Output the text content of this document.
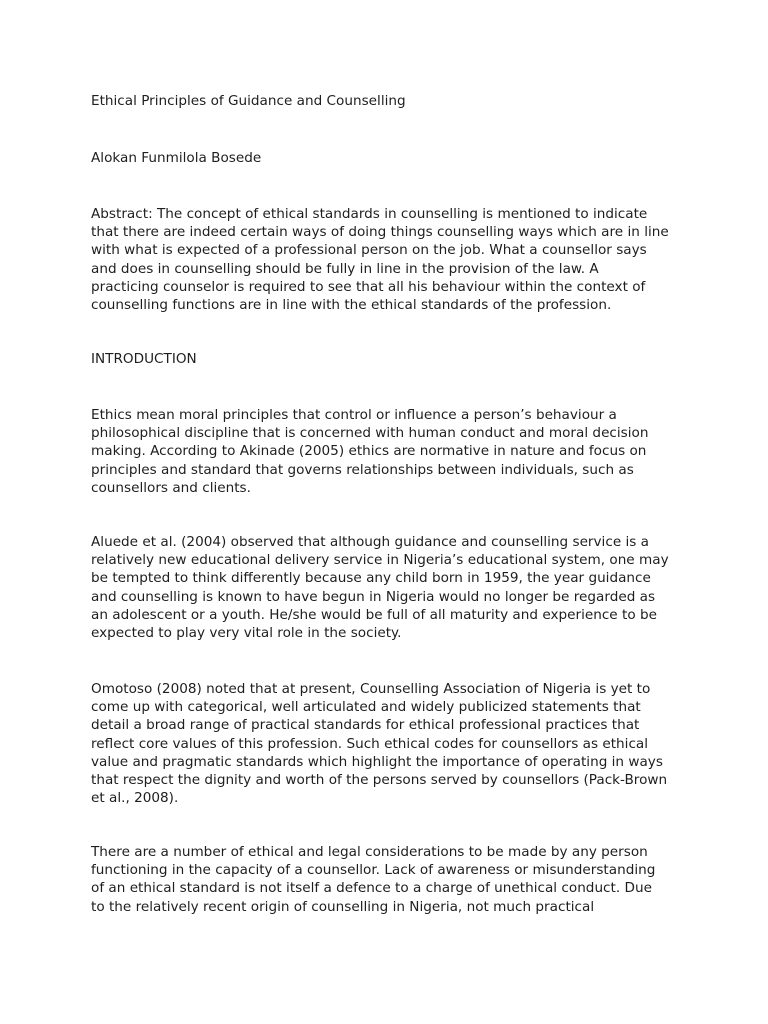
Ethical Principles of Guidance and Counselling

Alokan Funmilola Bosede

Abstract: The concept of ethical standards in counselling is mentioned to indicate
that there are indeed certain ways of doing things counselling ways which are in line
with what is expected of a professional person on the job. What a counsellor says
and does in counselling should be fully in line in the provision of the law. A
practicing counselor is required to see that all his behaviour within the context of
counselling functions are in line with the ethical standards of the profession.

INTRODUCTION

Ethics mean moral principles that control or influence a person’s behaviour a
philosophical discipline that is concerned with human conduct and moral decision
making. According to Akinade (2005) ethics are normative in nature and focus on
principles and standard that governs relationships between individuals, such as
counsellors and clients.
Aluede et al. (2004) observed that although guidance and counselling service is a
relatively new educational delivery service in Nigeria’s educational system, one may
be tempted to think differently because any child born in 1959, the year guidance
and counselling is known to have begun in Nigeria would no longer be regarded as
an adolescent or a youth. He/she would be full of all maturity and experience to be
expected to play very vital role in the society.
Omotoso (2008) noted that at present, Counselling Association of Nigeria is yet to
come up with categorical, well articulated and widely publicized statements that
detail a broad range of practical standards for ethical professional practices that
reflect core values of this profession. Such ethical codes for counsellors as ethical
value and pragmatic standards which highlight the importance of operating in ways
that respect the dignity and worth of the persons served by counsellors (Pack-Brown
et al., 2008).
There are a number of ethical and legal considerations to be made by any person
functioning in the capacity of a counsellor. Lack of awareness or misunderstanding
of an ethical standard is not itself a defence to a charge of unethical conduct. Due
to the relatively recent origin of counselling in Nigeria, not much practical
